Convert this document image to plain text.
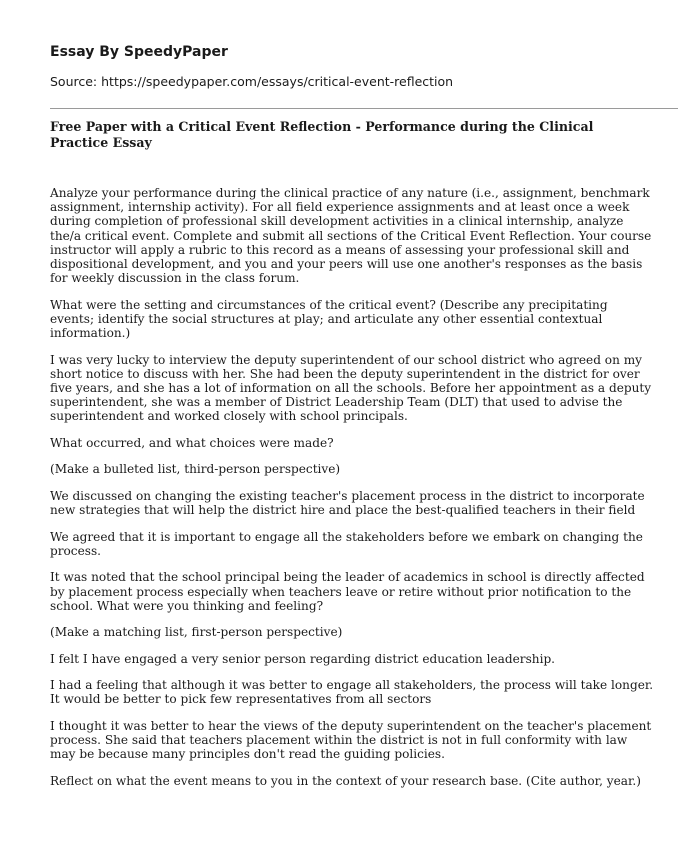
Essay By SpeedyPaper
Source: https://speedypaper.com/essays/critical-event-reflection
Free Paper with a Critical Event Reflection - Performance during the Clinical Practice Essay

Analyze your performance during the clinical practice of any nature (i.e., assignment, benchmark assignment, internship activity). For all field experience assignments and at least once a week during completion of professional skill development activities in a clinical internship, analyze the/a critical event. Complete and submit all sections of the Critical Event Reflection. Your course instructor will apply a rubric to this record as a means of assessing your professional skill and dispositional development, and you and your peers will use one another's responses as the basis for weekly discussion in the class forum.

What were the setting and circumstances of the critical event? (Describe any precipitating events; identify the social structures at play; and articulate any other essential contextual information.)

I was very lucky to interview the deputy superintendent of our school district who agreed on my short notice to discuss with her. She had been the deputy superintendent in the district for over five years, and she has a lot of information on all the schools. Before her appointment as a deputy superintendent, she was a member of District Leadership Team (DLT) that used to advise the superintendent and worked closely with school principals.

What occurred, and what choices were made?

(Make a bulleted list, third-person perspective)

We discussed on changing the existing teacher's placement process in the district to incorporate new strategies that will help the district hire and place the best-qualified teachers in their field

We agreed that it is important to engage all the stakeholders before we embark on changing the process.

It was noted that the school principal being the leader of academics in school is directly affected by placement process especially when teachers leave or retire without prior notification to the school. What were you thinking and feeling?

(Make a matching list, first-person perspective)

I felt I have engaged a very senior person regarding district education leadership.

I had a feeling that although it was better to engage all stakeholders, the process will take longer. It would be better to pick few representatives from all sectors

I thought it was better to hear the views of the deputy superintendent on the teacher's placement process. She said that teachers placement within the district is not in full conformity with law may be because many principles don't read the guiding policies.

Reflect on what the event means to you in the context of your research base. (Cite author, year.)
